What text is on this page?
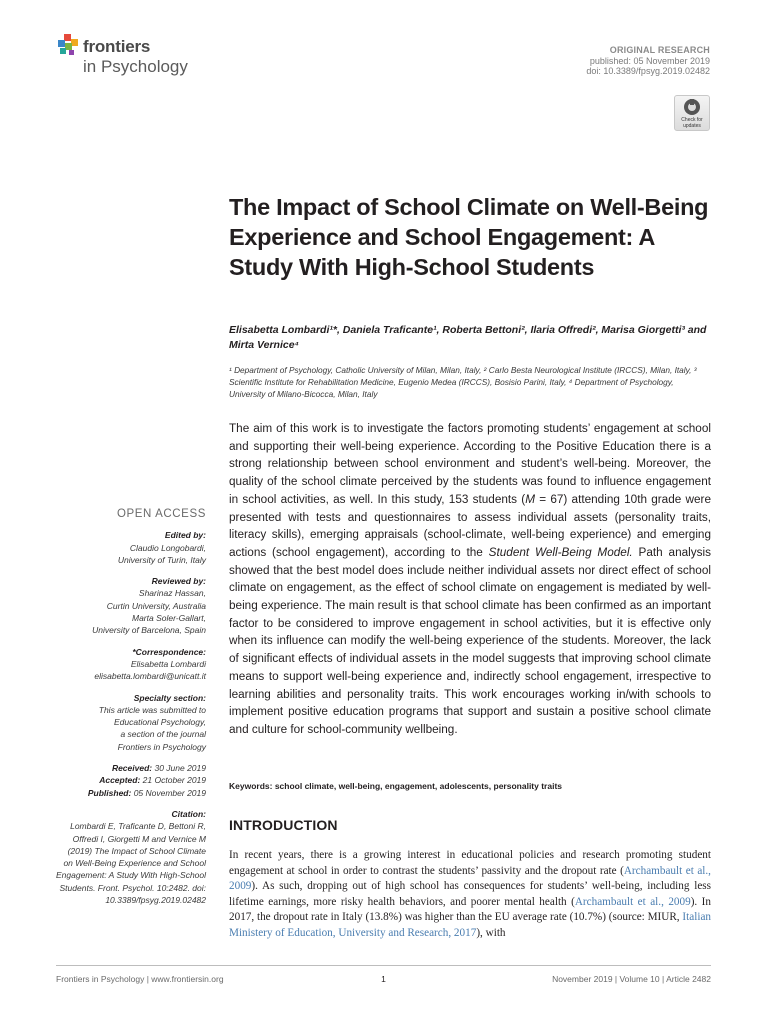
frontiers
in Psychology
ORIGINAL RESEARCH
published: 05 November 2019
doi: 10.3389/fpsyg.2019.02482
Check for updates
The Impact of School Climate on Well-Being Experience and School Engagement: A Study With High-School Students
Elisabetta Lombardi¹*, Daniela Traficante¹, Roberta Bettoni², Ilaria Offredi², Marisa Giorgetti³ and Mirta Vernice⁴
¹ Department of Psychology, Catholic University of Milan, Milan, Italy, ² Carlo Besta Neurological Institute (IRCCS), Milan, Italy, ³ Scientific Institute for Rehabilitation Medicine, Eugenio Medea (IRCCS), Bosisio Parini, Italy, ⁴ Department of Psychology, University of Milano-Bicocca, Milan, Italy
The aim of this work is to investigate the factors promoting students’ engagement at school and supporting their well-being experience. According to the Positive Education there is a strong relationship between school environment and student’s well-being. Moreover, the quality of the school climate perceived by the students was found to influence engagement in school activities, as well. In this study, 153 students (M = 67) attending 10th grade were presented with tests and questionnaires to assess individual assets (personality traits, literacy skills), emerging appraisals (school-climate, well-being experience) and emerging actions (school engagement), according to the Student Well-Being Model. Path analysis showed that the best model does include neither individual assets nor direct effect of school climate on engagement, as the effect of school climate on engagement is mediated by well-being experience. The main result is that school climate has been confirmed as an important factor to be considered to improve engagement in school activities, but it is effective only when its influence can modify the well-being experience of the students. Moreover, the lack of significant effects of individual assets in the model suggests that improving school climate means to support well-being experience and, indirectly school engagement, irrespective to learning abilities and personality traits. This work encourages working in/with schools to implement positive education programs that support and sustain a positive school climate and culture for school-community wellbeing.
Keywords: school climate, well-being, engagement, adolescents, personality traits
INTRODUCTION
In recent years, there is a growing interest in educational policies and research promoting student engagement at school in order to contrast the students’ passivity and the dropout rate (Archambault et al., 2009). As such, dropping out of high school has consequences for students’ well-being, including less lifetime earnings, more risky health behaviors, and poorer mental health (Archambault et al., 2009). In 2017, the dropout rate in Italy (13.8%) was higher than the EU average rate (10.7%) (source: MIUR, Italian Ministery of Education, University and Research, 2017), with
OPEN ACCESS
Edited by:
Claudio Longobardi,
University of Turin, Italy
Reviewed by:
Sharinaz Hassan,
Curtin University, Australia
Marta Soler-Gallart,
University of Barcelona, Spain
*Correspondence:
Elisabetta Lombardi
elisabetta.lombardi@unicatt.it
Specialty section:
This article was submitted to
Educational Psychology,
a section of the journal
Frontiers in Psychology
Received: 30 June 2019
Accepted: 21 October 2019
Published: 05 November 2019
Citation:
Lombardi E, Traficante D, Bettoni R, Offredi I, Giorgetti M and Vernice M (2019) The Impact of School Climate on Well-Being Experience and School Engagement: A Study With High-School Students. Front. Psychol. 10:2482. doi: 10.3389/fpsyg.2019.02482
Frontiers in Psychology | www.frontiersin.org	1	November 2019 | Volume 10 | Article 2482
